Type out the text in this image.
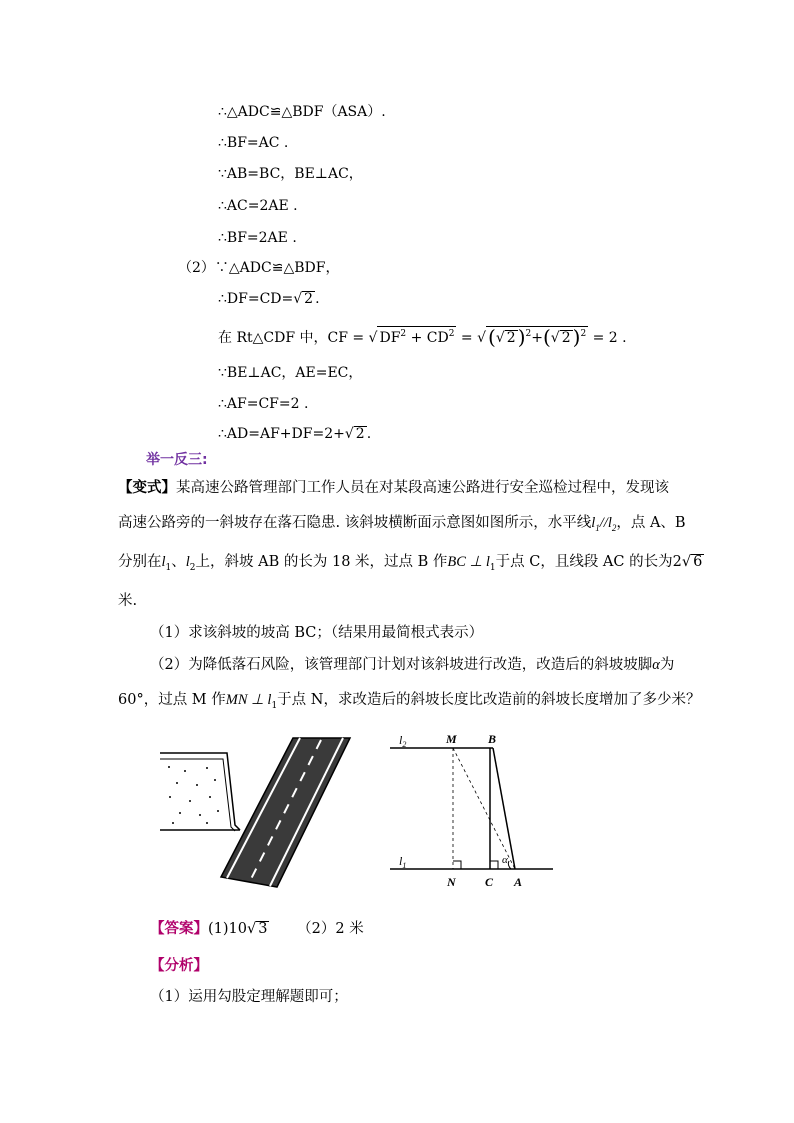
∴△ADC≌△BDF（ASA）.
∴BF=AC .
∵AB=BC，BE⊥AC，
∴AC=2AE .
∴BF=2AE .
（2）∵△ADC≌△BDF，
∴DF=CD=√ 2 .
在 Rt△CDF 中，CF = √ $DF^2 + CD^2$ = √ (√ 2 )$^2$+(√ 2 )$^2$ = 2 .
∵BE⊥AC，AE=EC，
∴AF=CF=2 .
∴AD=AF+DF=2+√ 2 .
举一反三:
【变式】某高速公路管理部门工作人员在对某段高速公路进行安全巡检过程中，发现该
高速公路旁的一斜坡存在落石隐患. 该斜坡横断面示意图如图所示，水平线$l_1//l_2$，点 A、B
分别在$l_1$、$l_2$上，斜坡 AB 的长为 18 米，过点 B 作BC ⊥ $l_1$于点 C，且线段 AC 的长为2√ 6
米.
（1）求该斜坡的坡高 BC；（结果用最简根式表示）
（2）为降低落石风险，该管理部门计划对该斜坡进行改造，改造后的斜坡坡脚α为
60°，过点 M 作MN ⊥ $l_1$于点 N，求改造后的斜坡长度比改造前的斜坡长度增加了多少米？
$l_2$
$l_1$
M	B
N C A
α
【答案】(1)10√ 3 （2）2 米
【分析】
（1）运用勾股定理解题即可；
